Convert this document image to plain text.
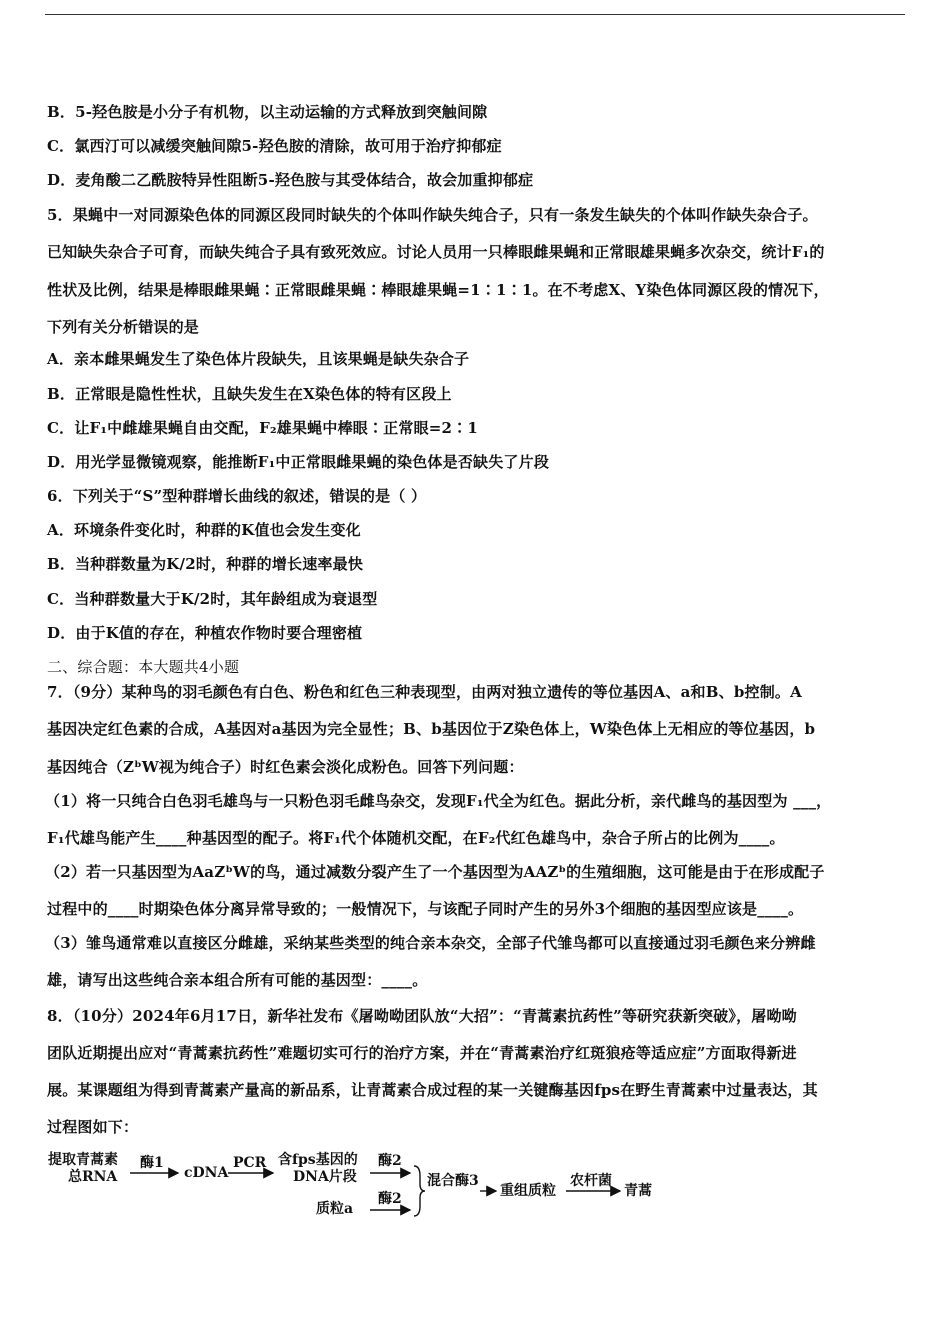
B．5-羟色胺是小分子有机物，以主动运输的方式释放到突触间隙
C．氯西汀可以减缓突触间隙5-羟色胺的清除，故可用于治疗抑郁症
D．麦角酸二乙酰胺特异性阻断5-羟色胺与其受体结合，故会加重抑郁症
5．果蝇中一对同源染色体的同源区段同时缺失的个体叫作缺失纯合子，只有一条发生缺失的个体叫作缺失杂合子。
已知缺失杂合子可育，而缺失纯合子具有致死效应。讨论人员用一只棒眼雌果蝇和正常眼雄果蝇多次杂交，统计F₁的
性状及比例，结果是棒眼雌果蝇∶正常眼雌果蝇∶棒眼雄果蝇=1∶1∶1。在不考虑X、Y染色体同源区段的情况下，
下列有关分析错误的是
A．亲本雌果蝇发生了染色体片段缺失，且该果蝇是缺失杂合子
B．正常眼是隐性性状，且缺失发生在X染色体的特有区段上
C．让F₁中雌雄果蝇自由交配，F₂雄果蝇中棒眼∶正常眼=2∶1
D．用光学显微镜观察，能推断F₁中正常眼雌果蝇的染色体是否缺失了片段
6．下列关于“S”型种群增长曲线的叙述，错误的是（ ）
A．环境条件变化时，种群的K值也会发生变化
B．当种群数量为K/2时，种群的增长速率最快
C．当种群数量大于K/2时，其年龄组成为衰退型
D．由于K值的存在，种植农作物时要合理密植
二、综合题：本大题共4小题
7．（9分）某种鸟的羽毛颜色有白色、粉色和红色三种表现型，由两对独立遗传的等位基因A、a和B、b控制。A
基因决定红色素的合成，A基因对a基因为完全显性；B、b基因位于Z染色体上，W染色体上无相应的等位基因，b
基因纯合（ZᵇW视为纯合子）时红色素会淡化成粉色。回答下列问题：
（1）将一只纯合白色羽毛雄鸟与一只粉色羽毛雌鸟杂交，发现F₁代全为红色。据此分析，亲代雌鸟的基因型为 ___，
F₁代雄鸟能产生____种基因型的配子。将F₁代个体随机交配，在F₂代红色雄鸟中，杂合子所占的比例为____。
（2）若一只基因型为AaZᵇW的鸟，通过减数分裂产生了一个基因型为AAZᵇ的生殖细胞，这可能是由于在形成配子
过程中的____时期染色体分离异常导致的；一般情况下，与该配子同时产生的另外3个细胞的基因型应该是____。
（3）雏鸟通常难以直接区分雌雄，采纳某些类型的纯合亲本杂交，全部子代雏鸟都可以直接通过羽毛颜色来分辨雌
雄，请写出这些纯合亲本组合所有可能的基因型：____。
8．（10分）2024年6月17日，新华社发布《屠呦呦团队放“大招”：“青蒿素抗药性”等研究获新突破》，屠呦呦
团队近期提出应对“青蒿素抗药性”难题切实可行的治疗方案，并在“青蒿素治疗红斑狼疮等适应症”方面取得新进
展。某课题组为得到青蒿素产量高的新品系，让青蒿素合成过程的某一关键酶基因fps在野生青蒿素中过量表达，其
过程图如下：
提取青蒿素
总RNA
酶1
cDNA
PCR 含fps基因的
DNA片段
酶2
质粒a
酶2
混合酶3
重组质粒
农杆菌
青蒿
